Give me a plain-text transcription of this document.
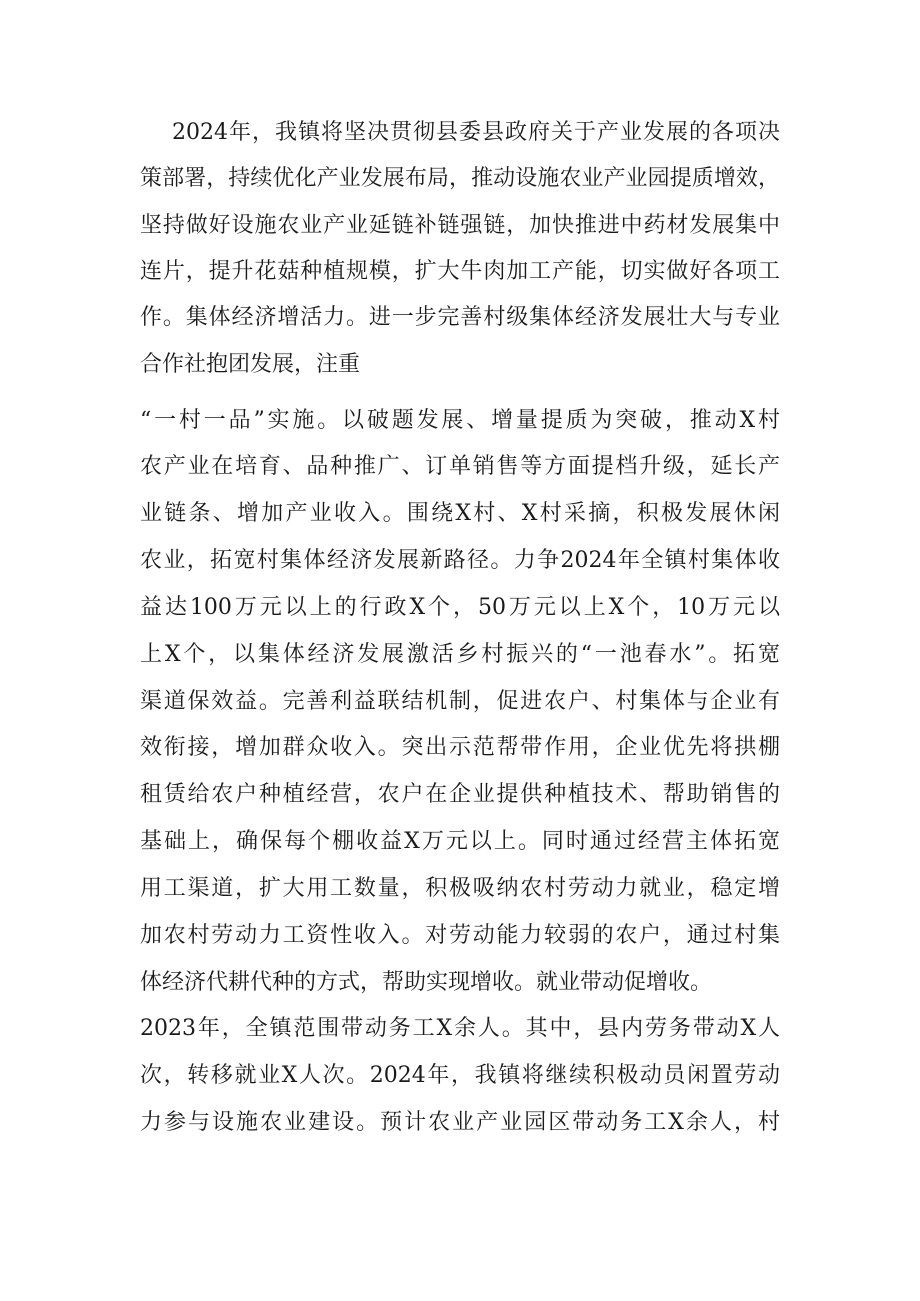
2024年，我镇将坚决贯彻县委县政府关于产业发展的各项决
策部署，持续优化产业发展布局，推动设施农业产业园提质增效，
坚持做好设施农业产业延链补链强链，加快推进中药材发展集中
连片，提升花菇种植规模，扩大牛肉加工产能，切实做好各项工
作。集体经济增活力。进一步完善村级集体经济发展壮大与专业
合作社抱团发展，注重
“一村一品”实施。以破题发展、增量提质为突破，推动X村
农产业在培育、品种推广、订单销售等方面提档升级，延长产
业链条、增加产业收入。围绕X村、X村采摘，积极发展休闲
农业，拓宽村集体经济发展新路径。力争2024年全镇村集体收
益达100万元以上的行政X个，50万元以上X个，10万元以
上X个，以集体经济发展激活乡村振兴的“一池春水”。拓宽
渠道保效益。完善利益联结机制，促进农户、村集体与企业有
效衔接，增加群众收入。突出示范帮带作用，企业优先将拱棚
租赁给农户种植经营，农户在企业提供种植技术、帮助销售的
基础上，确保每个棚收益X万元以上。同时通过经营主体拓宽
用工渠道，扩大用工数量，积极吸纳农村劳动力就业，稳定增
加农村劳动力工资性收入。对劳动能力较弱的农户，通过村集
体经济代耕代种的方式，帮助实现增收。就业带动促增收。
2023年，全镇范围带动务工X余人。其中，县内劳务带动X人
次，转移就业X人次。2024年，我镇将继续积极动员闲置劳动
力参与设施农业建设。预计农业产业园区带动务工X余人，村
